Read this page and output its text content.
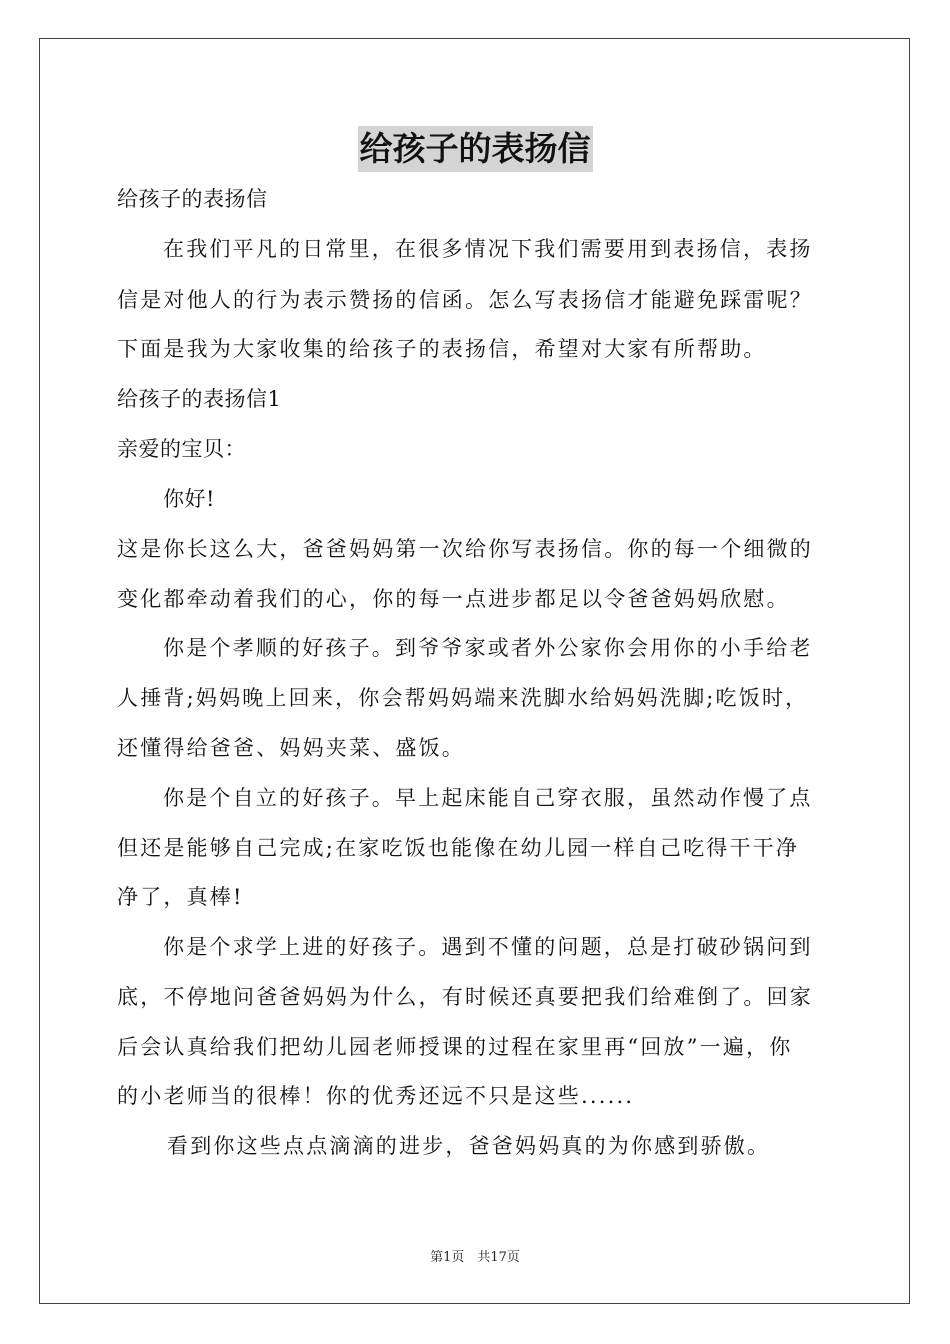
给孩子的表扬信
给孩子的表扬信
在我们平凡的日常里，在很多情况下我们需要用到表扬信，表扬
信是对他人的行为表示赞扬的信函。怎么写表扬信才能避免踩雷呢？
下面是我为大家收集的给孩子的表扬信，希望对大家有所帮助。
给孩子的表扬信1
亲爱的宝贝：
你好!
这是你长这么大，爸爸妈妈第一次给你写表扬信。你的每一个细微的
变化都牵动着我们的心，你的每一点进步都足以令爸爸妈妈欣慰。
你是个孝顺的好孩子。到爷爷家或者外公家你会用你的小手给老
人捶背;妈妈晚上回来，你会帮妈妈端来洗脚水给妈妈洗脚;吃饭时，
还懂得给爸爸、妈妈夹菜、盛饭。
你是个自立的好孩子。早上起床能自己穿衣服，虽然动作慢了点
但还是能够自己完成;在家吃饭也能像在幼儿园一样自己吃得干干净
净了，真棒!
你是个求学上进的好孩子。遇到不懂的问题，总是打破砂锅问到
底，不停地问爸爸妈妈为什么，有时候还真要把我们给难倒了。回家
后会认真给我们把幼儿园老师授课的过程在家里再“回放”一遍，你
的小老师当的很棒！你的优秀还远不只是这些......
看到你这些点点滴滴的进步，爸爸妈妈真的为你感到骄傲。
第1页　共17页
